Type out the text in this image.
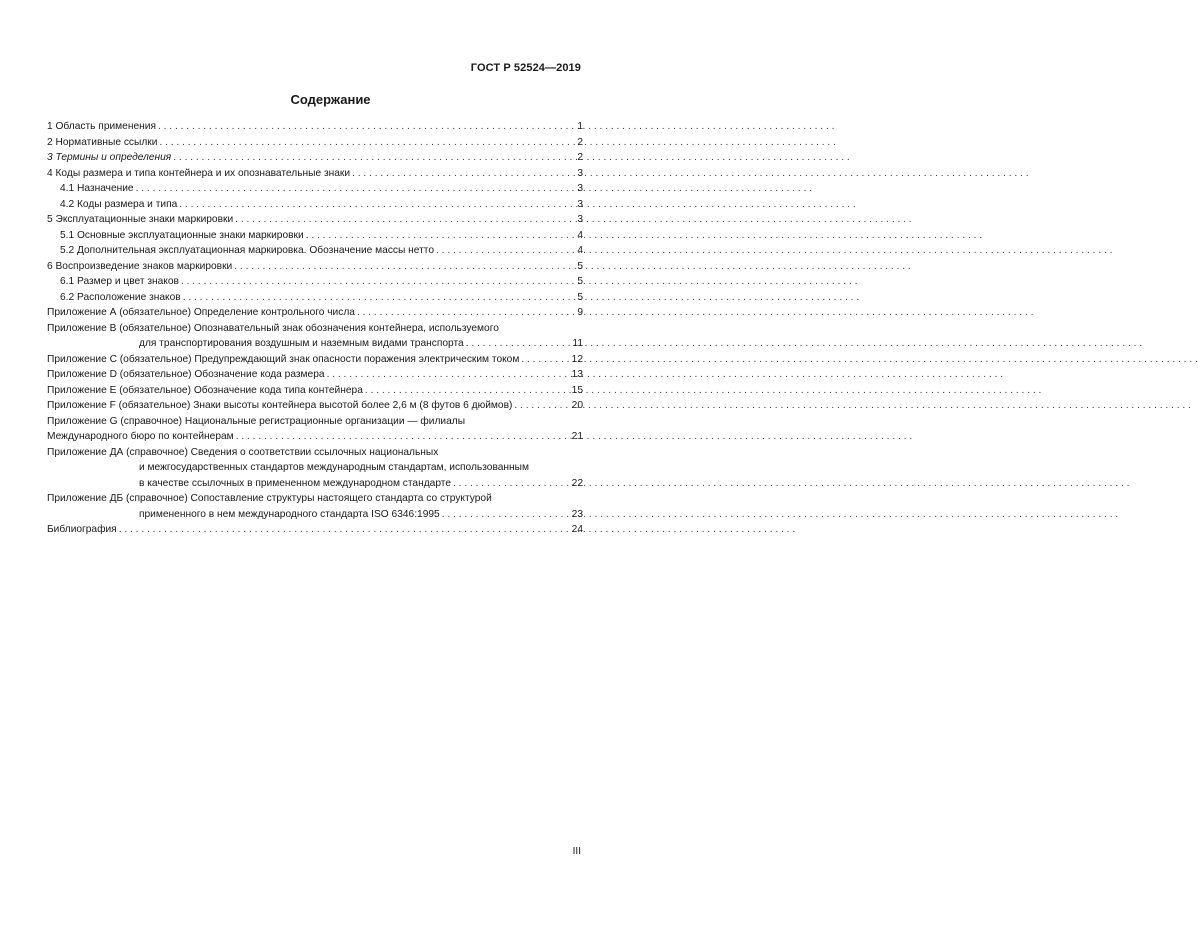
ГОСТ Р 52524—2019
Содержание
1 Область применения . . .	1
2 Нормативные ссылки . . .	2
3 Термины и определения . . .	2
4 Коды размера и типа контейнера и их опознавательные знаки . . .	3
4.1 Назначение . . .	3
4.2 Коды размера и типа . . .	3
5 Эксплуатационные знаки маркировки . . .	3
5.1 Основные эксплуатационные знаки маркировки . . .	4
5.2 Дополнительная эксплуатационная маркировка. Обозначение массы нетто . . .	4
6 Воспроизведение знаков маркировки . . .	5
6.1 Размер и цвет знаков . . .	5
6.2 Расположение знаков . . .	5
Приложение А (обязательное) Определение контрольного числа . . .	9
Приложение В (обязательное) Опознавательный знак обозначения контейнера, используемого
для транспортирования воздушным и наземным видами транспорта . . .	11
Приложение С (обязательное) Предупреждающий знак опасности поражения электрическим током . . .	12
Приложение D (обязательное) Обозначение кода размера . . .	13
Приложение Е (обязательное) Обозначение кода типа контейнера . . .	15
Приложение F (обязательное) Знаки высоты контейнера высотой более 2,6 м (8 футов 6 дюймов) . . .	20
Приложение G (справочное) Национальные регистрационные организации — филиалы
Международного бюро по контейнерам . . .	21
Приложение ДА (справочное) Сведения о соответствии ссылочных национальных
и межгосударственных стандартов международным стандартам, использованным
в качестве ссылочных в примененном международном стандарте . . .	22
Приложение ДБ (справочное) Сопоставление структуры настоящего стандарта со структурой
примененного в нем международного стандарта ISO 6346:1995 . . .	23
Библиография . . .	24
III
